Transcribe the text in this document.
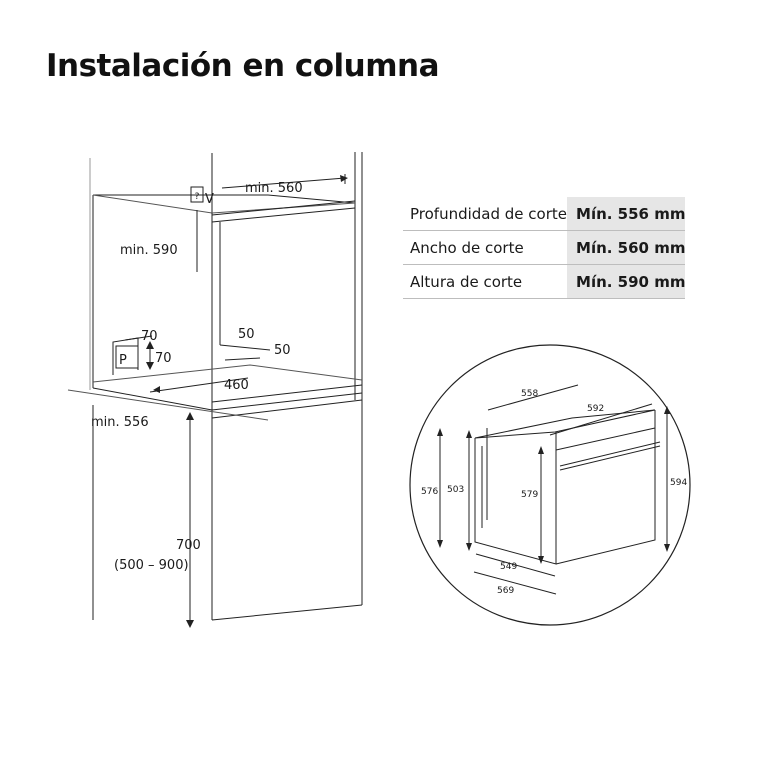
Instalación en columna
Profundidad de corte	Mín. 556 mm
Ancho de corte	Mín. 560 mm
Altura de corte	Mín. 590 mm
? V
min. 560
min. 590
min. 556
P
70
70
50
50
460
700
(500 – 900)
558
592
594
579
503
576
549
569
